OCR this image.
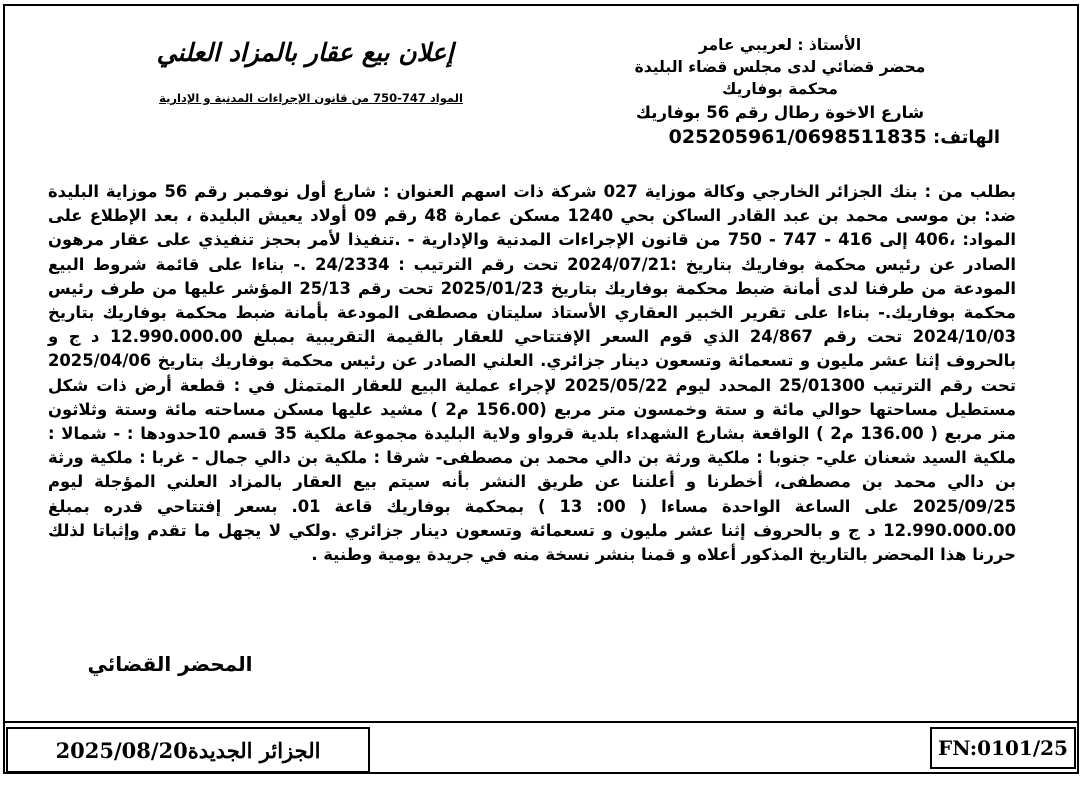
الأستاذ : لعريبي عامر
محضر قضائي لدى مجلس قضاء البليدة
محكمة بوفاريك
شارع الاخوة رطال رقم 56 بوفاريك
الهاتف: 025205961/0698511835
إعلان بيع عقار بالمزاد العلني
المواد 747-750 من قانون الإجراءات المدنية و الإدارية
بطلب من : بنك الجزائر الخارجي وكالة موزاية 027 شركة ذات اسهم العنوان : شارع أول نوفمبر رقم 56 موزاية البليدة ضد: بن موسى محمد بن عبد القادر الساكن بحي 1240 مسكن عمارة 48 رقم 09 أولاد يعيش البليدة ، بعد الإطلاع على المواد: ،406 إلى 416 - 747 - 750 من قانون الإجراءات المدنية والإدارية - .تنفيذا لأمر بحجز تنفيذي على عقار مرهون الصادر عن رئيس محكمة بوفاريك بتاريخ :2024/07/21 تحت رقم الترتيب : 24/2334 .- بناءا على قائمة شروط البيع المودعة من طرفنا لدى أمانة ضبط محكمة بوفاريك بتاريخ 2025/01/23 تحت رقم 25/13 المؤشر عليها من طرف رئيس محكمة بوفاريك.- بناءا على تقرير الخبير العقاري الأستاذ سليتان مصطفى المودعة بأمانة ضبط محكمة بوفاريك بتاريخ 2024/10/03 تحت رقم 24/867 الذي قوم السعر الإفتتاحي للعقار بالقيمة التقريبية بمبلغ 12.990.000.00 د ج و بالحروف إثنا عشر مليون و تسعمائة وتسعون دينار جزائري. العلني الصادر عن رئيس محكمة بوفاريك بتاريخ 2025/04/06 تحت رقم الترتيب 25/01300 المحدد ليوم 2025/05/22 لإجراء عملية البيع للعقار المتمثل في : قطعة أرض ذات شكل مستطيل مساحتها حوالي مائة و ستة وخمسون متر مربع (156.00 م2 ) مشيد عليها مسكن مساحته مائة وستة وثلاثون متر مربع ( 136.00 م2 ) الواقعة بشارع الشهداء بلدية قرواو ولاية البليدة مجموعة ملكية 35 قسم 10حدودها : - شمالا : ملكية السيد شعنان علي- جنوبا : ملكية ورثة بن دالي محمد بن مصطفى- شرقا : ملكية بن دالي جمال - غربا : ملكية ورثة بن دالي محمد بن مصطفى، أخطرنا و أعلننا عن طريق النشر بأنه سيتم بيع العقار بالمزاد العلني المؤجلة ليوم 2025/09/25 على الساعة الواحدة مساءا ( 00: 13 ) بمحكمة بوفاريك قاعة 01. بسعر إفتتاحي قدره بمبلغ 12.990.000.00 د ج و بالحروف إثنا عشر مليون و تسعمائة وتسعون دينار جزائري .ولكي لا يجهل ما تقدم وإثباتا لذلك حررنا هذا المحضر بالتاريخ المذكور أعلاه و قمنا بنشر نسخة منه في جريدة يومية وطنية .
المحضر القضائي
2025/08/20 الجزائر الجديدة	FN:0101/25
